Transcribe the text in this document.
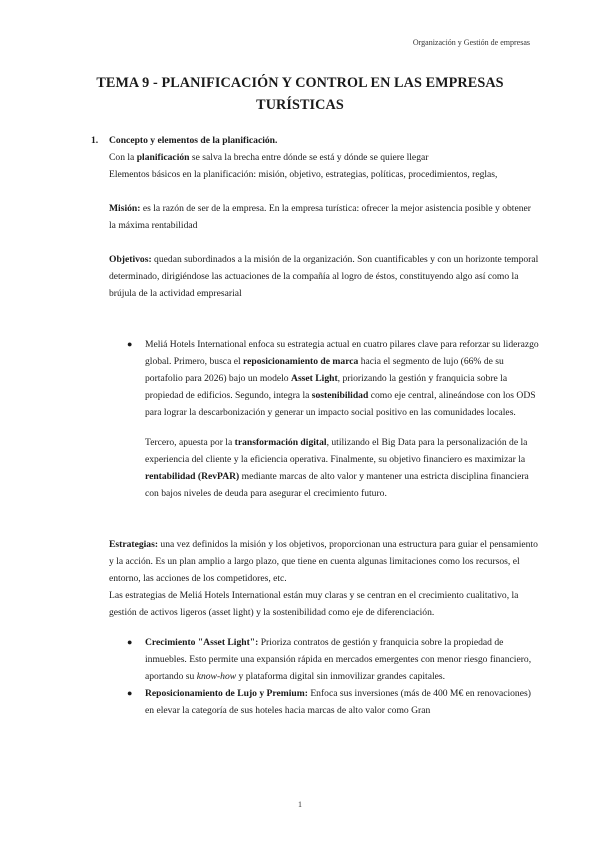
Organización y Gestión de empresas
TEMA 9 - PLANIFICACIÓN Y CONTROL EN LAS EMPRESAS
TURÍSTICAS
1. Concepto y elementos de la planificación.

Con la planificación se salva la brecha entre dónde se está y dónde se quiere llegar

Elementos básicos en la planificación: misión, objetivo, estrategias, políticas, procedimientos, reglas,

Misión: es la razón de ser de la empresa. En la empresa turística: ofrecer la mejor asistencia posible y obtener la máxima rentabilidad

Objetivos: quedan subordinados a la misión de la organización. Son cuantificables y con un horizonte temporal determinado, dirigiéndose las actuaciones de la compañía al logro de éstos, constituyendo algo así como la brújula de la actividad empresarial

● Meliá Hotels International enfoca su estrategia actual en cuatro pilares clave para reforzar su liderazgo global. Primero, busca el reposicionamiento de marca hacia el segmento de lujo (66% de su portafolio para 2026) bajo un modelo Asset Light, priorizando la gestión y franquicia sobre la propiedad de edificios. Segundo, integra la sostenibilidad como eje central, alineándose con los ODS para lograr la descarbonización y generar un impacto social positivo en las comunidades locales.

Tercero, apuesta por la transformación digital, utilizando el Big Data para la personalización de la experiencia del cliente y la eficiencia operativa. Finalmente, su objetivo financiero es maximizar la rentabilidad (RevPAR) mediante marcas de alto valor y mantener una estricta disciplina financiera con bajos niveles de deuda para asegurar el crecimiento futuro.

Estrategias: una vez definidos la misión y los objetivos, proporcionan una estructura para guiar el pensamiento y la acción. Es un plan amplio a largo plazo, que tiene en cuenta algunas limitaciones como los recursos, el entorno, las acciones de los competidores, etc.

Las estrategias de Meliá Hotels International están muy claras y se centran en el crecimiento cualitativo, la gestión de activos ligeros (asset light) y la sostenibilidad como eje de diferenciación.

● Crecimiento "Asset Light": Prioriza contratos de gestión y franquicia sobre la propiedad de inmuebles. Esto permite una expansión rápida en mercados emergentes con menor riesgo financiero, aportando su know-how y plataforma digital sin inmovilizar grandes capitales.
● Reposicionamiento de Lujo y Premium: Enfoca sus inversiones (más de 400 M€ en renovaciones) en elevar la categoría de sus hoteles hacia marcas de alto valor como Gran
1
